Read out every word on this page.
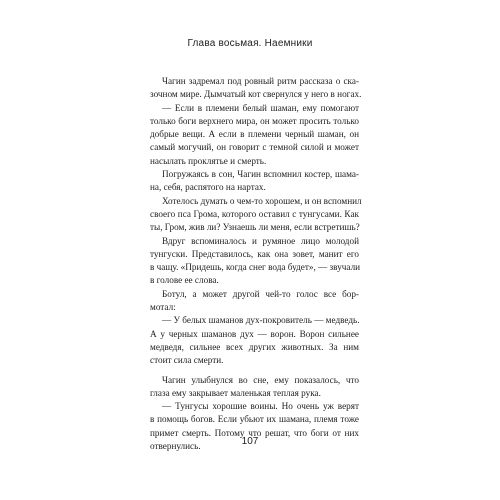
Глава восьмая. Наемники
Чагин задремал под ровный ритм рассказа о ска-
зочном мире. Дымчатый кот свернулся у него в ногах.
— Если в племени белый шаман, ему помогают
только боги верхнего мира, он может просить только
добрые вещи. А если в племени черный шаман, он
самый могучий, он говорит с темной силой и может
насылать проклятье и смерть.
Погружаясь в сон, Чагин вспомнил костер, шама-
на, себя, распятого на нартах.
Хотелось думать о чем-то хорошем, и он вспомнил
своего пса Грома, которого оставил с тунгусами. Как
ты, Гром, жив ли? Узнаешь ли меня, если встретишь?
Вдруг вспоминалось и румяное лицо молодой
тунгуски. Представилось, как она зовет, манит его
в чащу. «Придешь, когда снег вода будет», — звучали
в голове ее слова.
Ботул, а может другой чей-то голос все бор-
мотал:
— У белых шаманов дух-покровитель — медведь.
А у черных шаманов дух — ворон. Ворон сильнее
медведя, сильнее всех других животных. За ним
стоит сила смерти.
Чагин улыбнулся во сне, ему показалось, что
глаза ему закрывает маленькая теплая рука.
— Тунгусы хорошие воины. Но очень уж верят
в помощь богов. Если убьют их шамана, племя тоже
примет смерть. Потому что решат, что боги от них
отвернулись.	107
